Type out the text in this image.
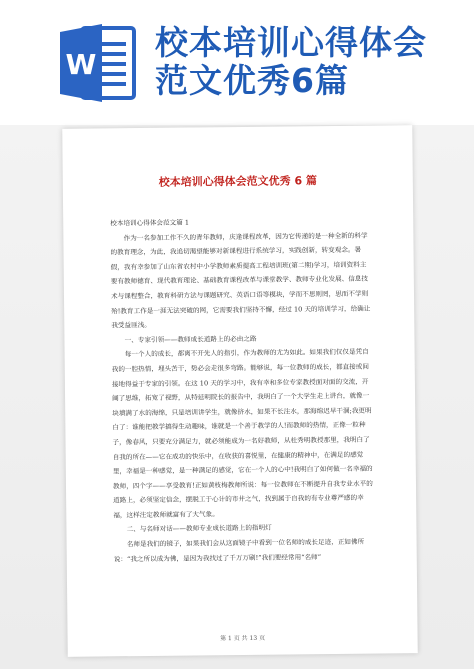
W
校本培训心得体会
范文优秀6篇
校本培训心得体会范文优秀 6 篇

校本培训心得体会范文篇 1

作为一名参加工作不久的青年教师，庆逢课程改革，因为它传递的是一种全新的科学的教育理念，为此，我追切渴望能够对新课程进行系统学习，实践创新，转变观念。暑假，我有幸参加了山东省农村中小学教师素质提高工程培训班(第二期)学习，培训资料主要有教师德育、现代教育理论、基础教育课程改革与课堂教学、教师专业化发展、信息技术与课程整合，教育科研方法与课题研究、英语口语等模块，学而不思则罔，思而不学则殆!教育工作是一涯无法突破的网，它需要我们坚持不懈，经过 10 天的培训学习，给确让我受益匪浅。

一、专家引领——教师成长道路上的必由之路

每一个人的成长，都离不开先人的指引，作为教师的尤为如此。如果我们仅仅是凭自我的一腔热情，埋头苦干，势必会走很多弯路。能够说，每一位教师的成长，都直接或间接地得益于专家的引领。在这 10 天的学习中，我有幸和多位专家教授面对面的交流，开阔了思维，拓宽了视野，从特延明院长的报告中，我明白了一个大学生走上讲台，就像一块填满了水的海绵，只是培训讲学生，就像挤水，如果不长注水，那海绵迟早干涸;我更明白了：谁能把教学搞得生动趣味，谁就是一个善于教学的人!而教师的热情，正像一粒种子，像春风，只要充分满足力，就必须能成为一名好教师，从杜秀明教授那里，我明白了自我的所在——它在成功的快乐中，在收获的喜悦里，在健康的精神中，在满足的感觉里，幸福是一种感觉，是一种满足的感觉，它在一个人的心中!我明白了如何做一名幸福的教师，四个字——享受教育!正如黄枝梅教师所说：每一位教师在不断提升自我专业水平的道路上，必须坚定信念，摆脱工于心计的市井之气，找到属于自我的有专业尊严感的幸福，这样注定教师就富有了大气象。

二、与名师对话——教师专业成长道路上的指明灯

名师是我们的镜子，如果我们会从这面镜子中看到一位名师的成长足迹，正如佛所说：“我之所以成为佛，是因为我找过了千万万刷!”我们要经常用“名师”

第 1 页 共 13 页
